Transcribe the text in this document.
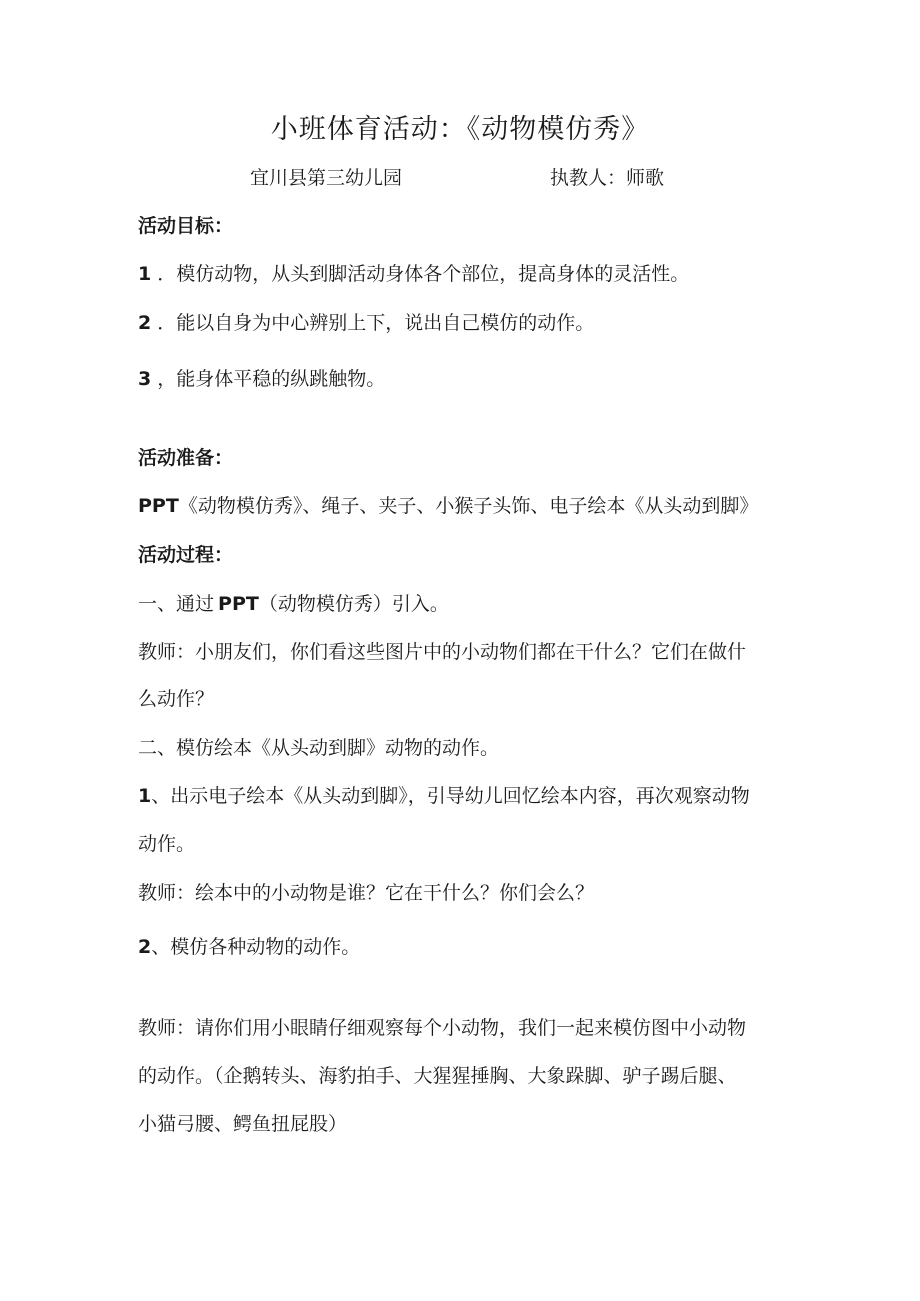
小班体育活动：《动物模仿秀》
宜川县第三幼儿园	执教人：师歌
活动目标：
1 ．模仿动物，从头到脚活动身体各个部位，提高身体的灵活性。
2 ．能以自身为中心辨别上下，说出自己模仿的动作。
3 ，能身体平稳的纵跳触物。
活动准备：
PPT《动物模仿秀》、绳子、夹子、小猴子头饰、电子绘本《从头动到脚》
活动过程：
一、通过 PPT（动物模仿秀）引入。
教师：小朋友们，你们看这些图片中的小动物们都在干什么？它们在做什
么动作？
二、模仿绘本《从头动到脚》动物的动作。
1、出示电子绘本《从头动到脚》，引导幼儿回忆绘本内容，再次观察动物
动作。
教师：绘本中的小动物是谁？它在干什么？你们会么？
2、模仿各种动物的动作。
教师：请你们用小眼睛仔细观察每个小动物，我们一起来模仿图中小动物
的动作。（企鹅转头、海豹拍手、大猩猩捶胸、大象跺脚、驴子踢后腿、
小猫弓腰、鳄鱼扭屁股）
